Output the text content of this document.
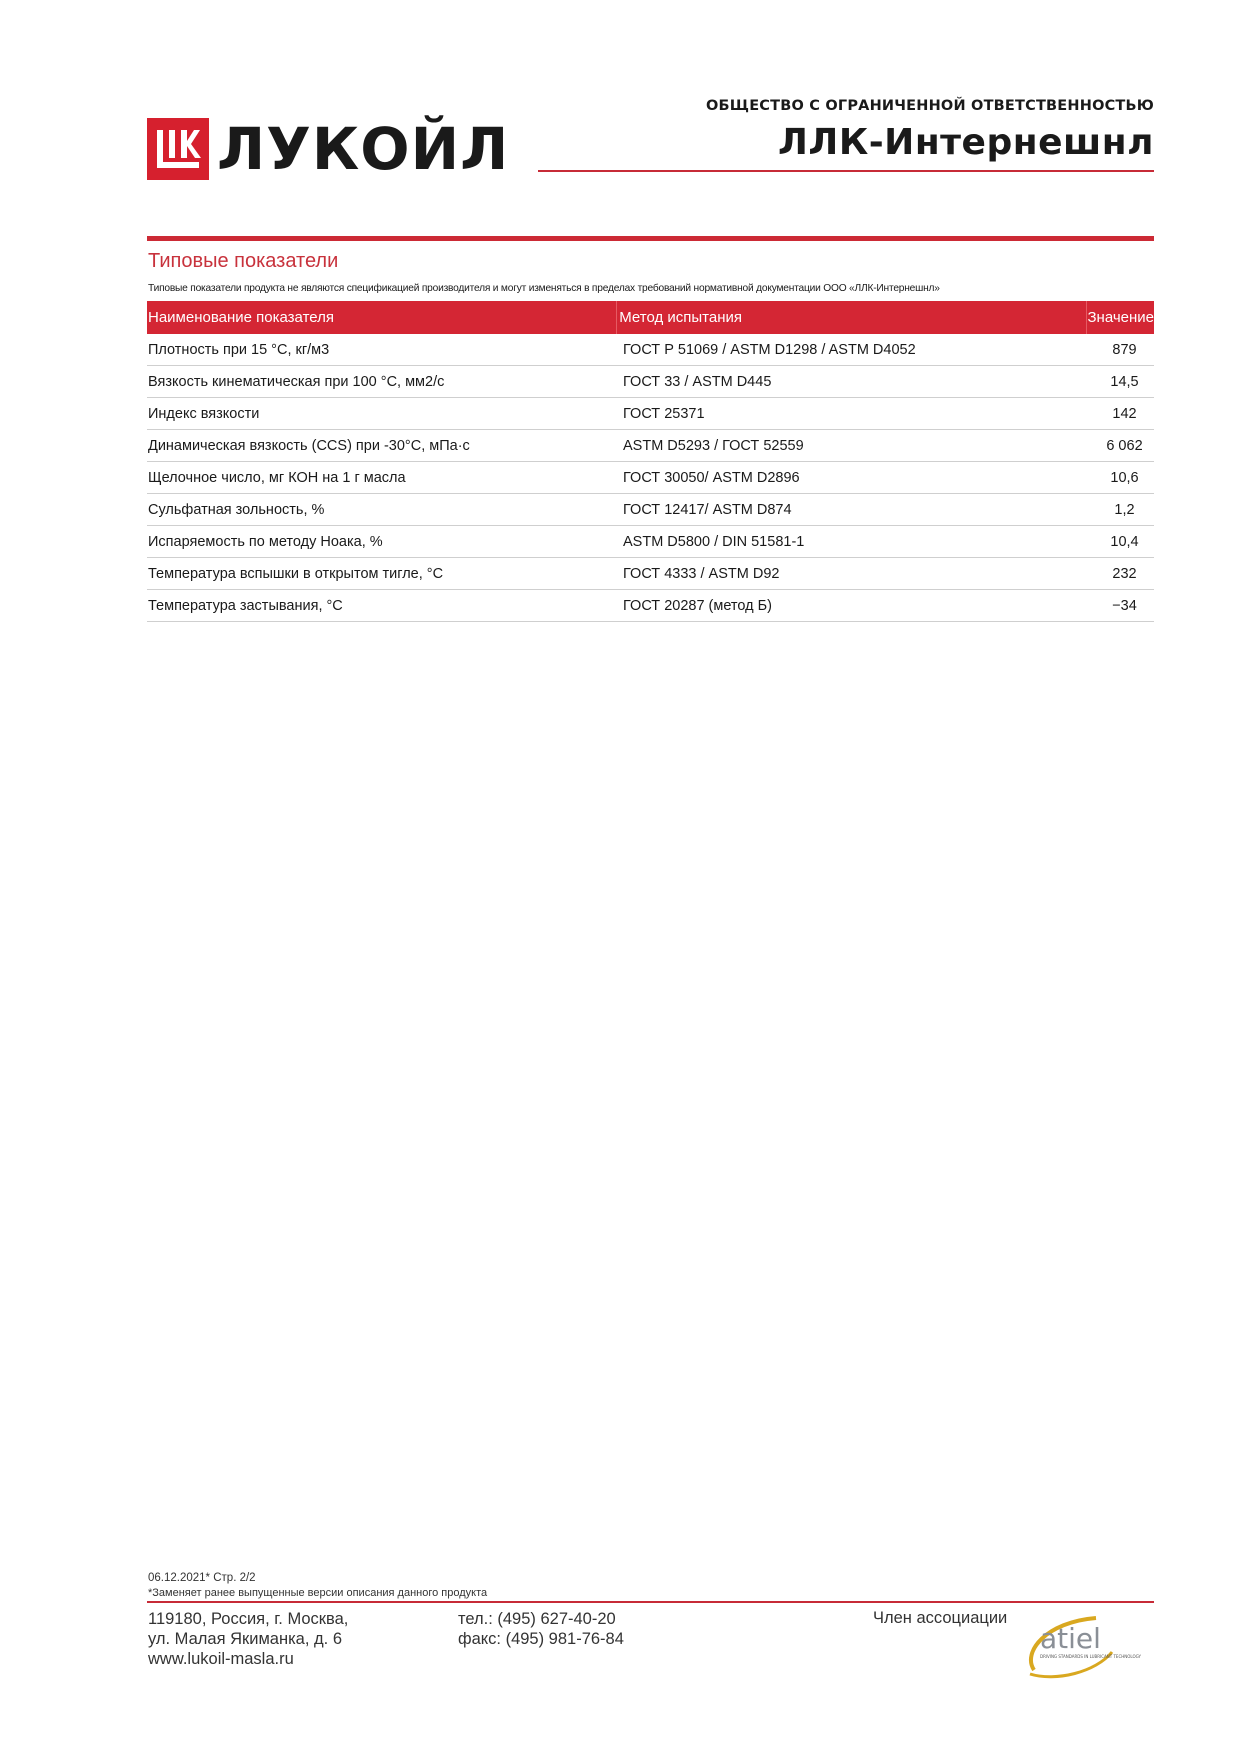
ЛУКОЙЛ
ОБЩЕСТВО С ОГРАНИЧЕННОЙ ОТВЕТСТВЕННОСТЬЮ
ЛЛК-Интернешнл
Типовые показатели
Типовые показатели продукта не являются спецификацией производителя и могут изменяться в пределах требований нормативной документации ООО «ЛЛК-Интернешнл»
Наименование показателя	Метод испытания	Значение
Плотность при 15 °С, кг/м3	ГОСТ Р 51069 / ASTM D1298 / ASTM D4052	879
Вязкость кинематическая при 100 °С, мм2/с	ГОСТ 33 / ASTM D445	14,5
Индекс вязкости	ГОСТ 25371	142
Динамическая вязкость (CCS) при -30°С, мПа·с	ASTM D5293 / ГОСТ 52559	6 062
Щелочное число, мг КОН на 1 г масла	ГОСТ 30050/ ASTM D2896	10,6
Сульфатная зольность, %	ГОСТ 12417/ ASTM D874	1,2
Испаряемость по методу Ноака, %	ASTM D5800 / DIN 51581-1	10,4
Температура вспышки в открытом тигле, °С	ГОСТ 4333 / ASTM D92	232
Температура застывания, °С	ГОСТ 20287 (метод Б)	−34
06.12.2021* Стр. 2/2
*Заменяет ранее выпущенные версии описания данного продукта
119180, Россия, г. Москва,
ул. Малая Якиманка, д. 6
www.lukoil-masla.ru
тел.: (495) 627-40-20
факс: (495) 981-76-84
Член ассоциации
atiel
DRIVING STANDARDS IN LUBRICANT TECHNOLOGY
